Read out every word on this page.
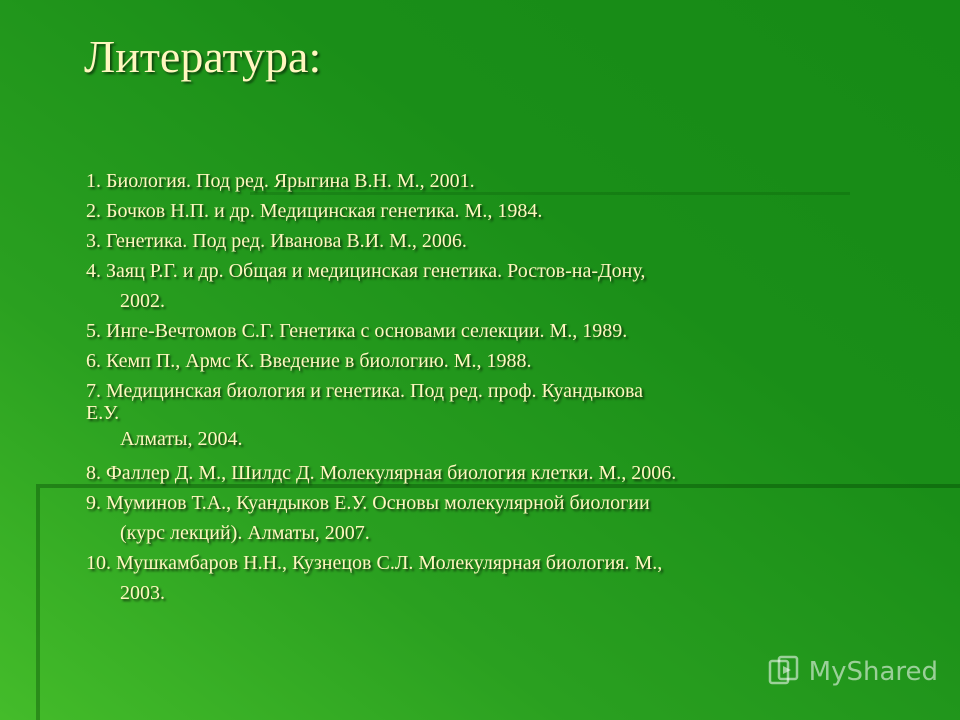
Литература:
1. Биология. Под ред. Ярыгина В.Н. М., 2001.
2. Бочков Н.П. и др. Медицинская генетика. М., 1984.
3. Генетика. Под ред. Иванова В.И. М., 2006.
4. Заяц Р.Г. и др. Общая и медицинская генетика. Ростов-на-Дону,
2002.
5. Инге-Вечтомов С.Г. Генетика с основами селекции. М., 1989.
6. Кемп П., Армс К. Введение в биологию. М., 1988.
7. Медицинская биология и генетика. Под ред. проф. Куандыкова
Е.У.
Алматы, 2004.
8. Фаллер Д. М., Шилдс Д. Молекулярная биология клетки. М., 2006.
9. Муминов Т.А., Куандыков Е.У. Основы молекулярной биологии
(курс лекций). Алматы, 2007.
10. Мушкамбаров Н.Н., Кузнецов С.Л. Молекулярная биология. М.,
2003.
MyShared
